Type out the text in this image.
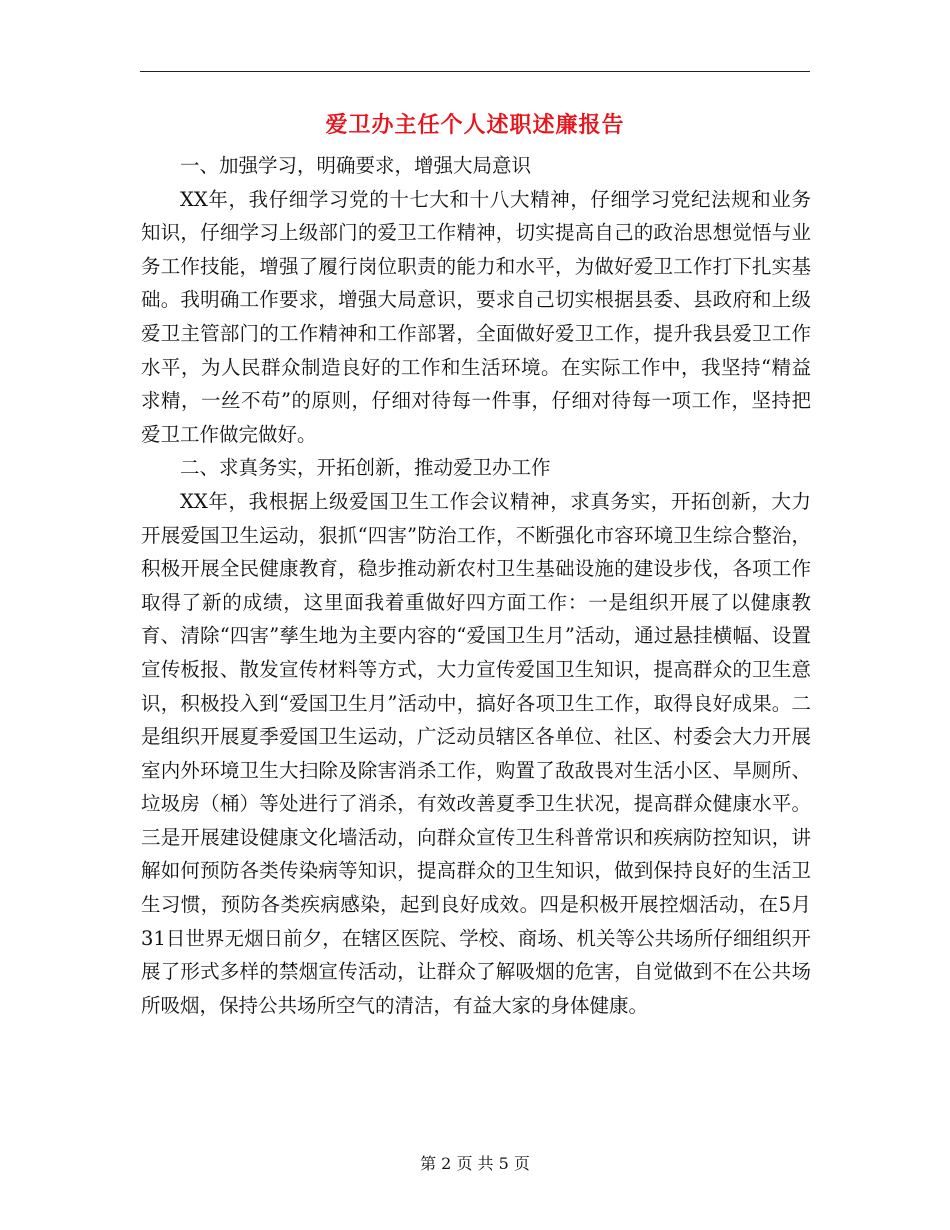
爱卫办主任个人述职述廉报告

一、加强学习，明确要求，增强大局意识

XX年，我仔细学习党的十七大和十八大精神，仔细学习党纪法规和业务知识，仔细学习上级部门的爱卫工作精神，切实提高自己的政治思想觉悟与业务工作技能，增强了履行岗位职责的能力和水平，为做好爱卫工作打下扎实基础。我明确工作要求，增强大局意识，要求自己切实根据县委、县政府和上级爱卫主管部门的工作精神和工作部署，全面做好爱卫工作，提升我县爱卫工作水平，为人民群众制造良好的工作和生活环境。在实际工作中，我坚持“精益求精，一丝不苟”的原则，仔细对待每一件事，仔细对待每一项工作，坚持把爱卫工作做完做好。

二、求真务实，开拓创新，推动爱卫办工作

XX年，我根据上级爱国卫生工作会议精神，求真务实，开拓创新，大力开展爱国卫生运动，狠抓“四害”防治工作，不断强化市容环境卫生综合整治，积极开展全民健康教育，稳步推动新农村卫生基础设施的建设步伐，各项工作取得了新的成绩，这里面我着重做好四方面工作：一是组织开展了以健康教育、清除“四害”孳生地为主要内容的“爱国卫生月”活动，通过悬挂横幅、设置宣传板报、散发宣传材料等方式，大力宣传爱国卫生知识，提高群众的卫生意识，积极投入到“爱国卫生月”活动中，搞好各项卫生工作，取得良好成果。二是组织开展夏季爱国卫生运动，广泛动员辖区各单位、社区、村委会大力开展室内外环境卫生大扫除及除害消杀工作，购置了敌敌畏对生活小区、旱厕所、垃圾房（桶）等处进行了消杀，有效改善夏季卫生状况，提高群众健康水平。三是开展建设健康文化墙活动，向群众宣传卫生科普常识和疾病防控知识，讲解如何预防各类传染病等知识，提高群众的卫生知识，做到保持良好的生活卫生习惯，预防各类疾病感染，起到良好成效。四是积极开展控烟活动，在5月31日世界无烟日前夕，在辖区医院、学校、商场、机关等公共场所仔细组织开展了形式多样的禁烟宣传活动，让群众了解吸烟的危害，自觉做到不在公共场所吸烟，保持公共场所空气的清洁，有益大家的身体健康。

第 2 页 共 5 页
